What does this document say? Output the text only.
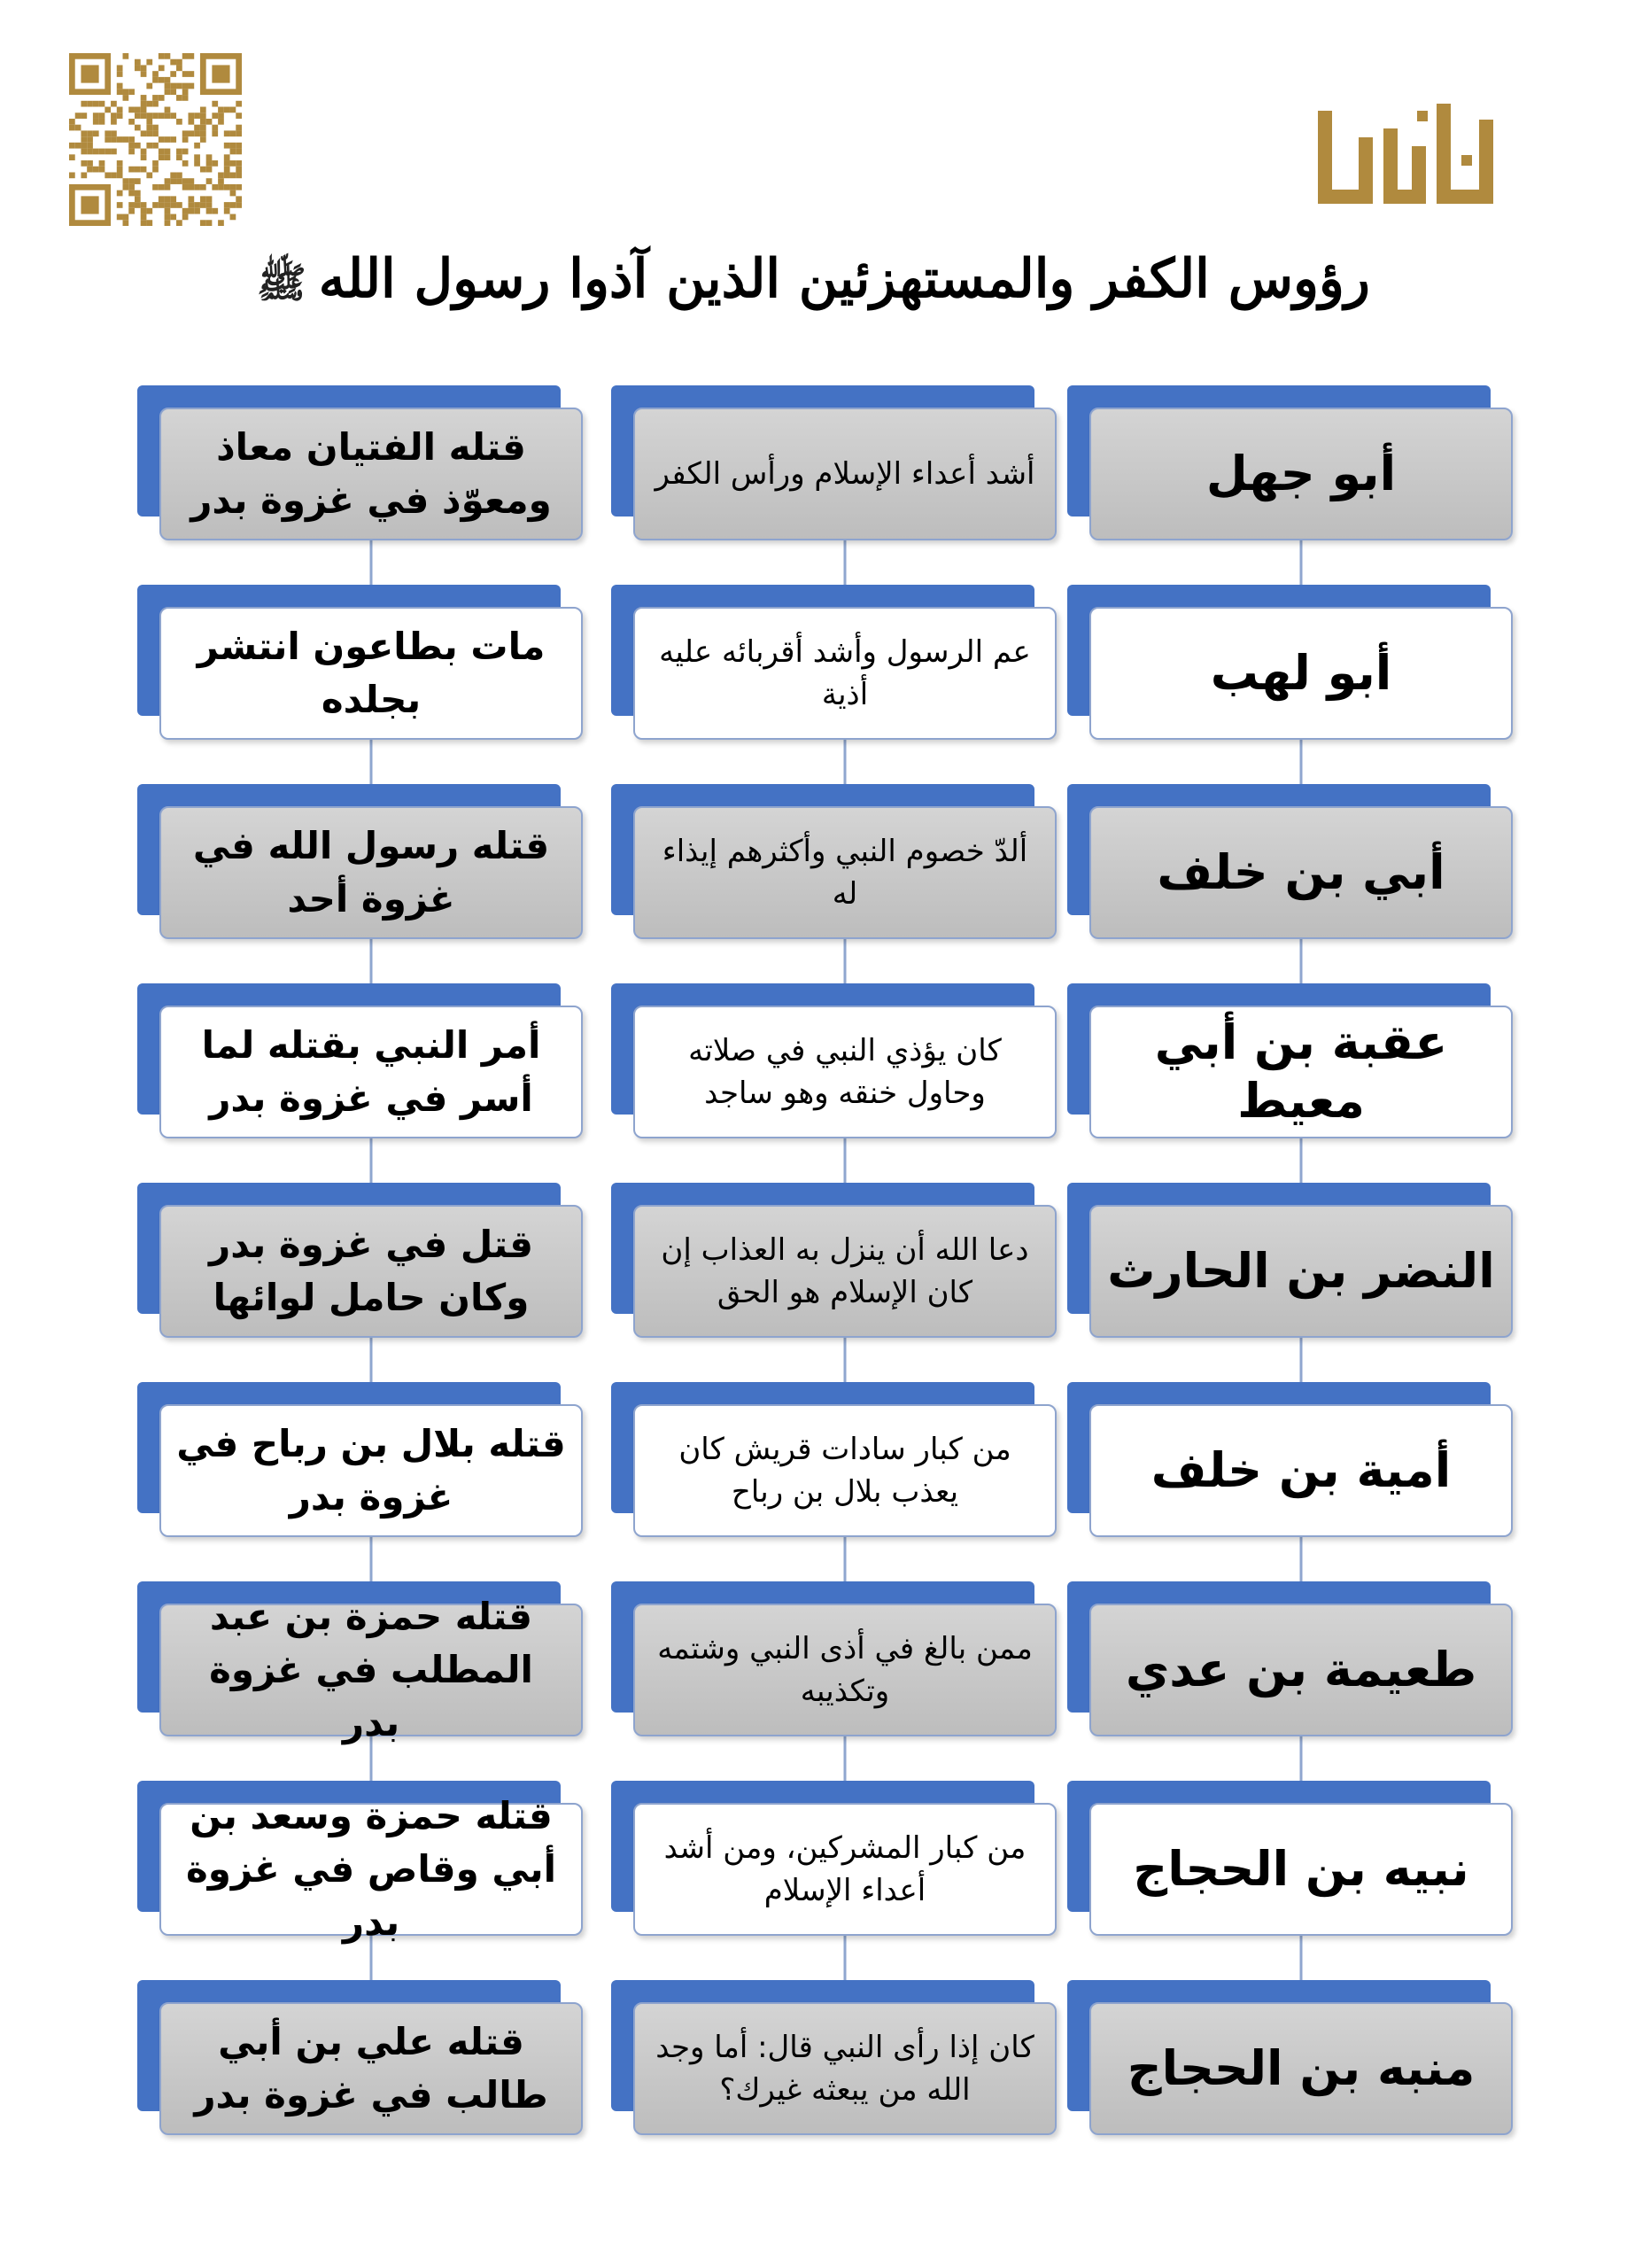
رؤوس الكفر والمستهزئين الذين آذوا رسول اللهﷺ
أبو جهل
أشد أعداء الإسلام ورأس الكفر
قتله الفتيان معاذ ومعوّذ في غزوة بدر
أبو لهب
عم الرسول وأشد أقربائه عليه أذية
مات بطاعون انتشر بجلده
أبي بن خلف
ألدّ خصوم النبي وأكثرهم إيذاء له
قتله رسول الله في غزوة أحد
عقبة بن أبي معيط
كان يؤذي النبي في صلاته وحاول خنقه وهو ساجد
أمر النبي بقتله لما أسر في غزوة بدر
النضر بن الحارث
دعا الله أن ينزل به العذاب إن كان الإسلام هو الحق
قتل في غزوة بدر وكان حامل لوائها
أمية بن خلف
من كبار سادات قريش كان يعذب بلال بن رباح
قتله بلال بن رباح في غزوة بدر
طعيمة بن عدي
ممن بالغ في أذى النبي وشتمه وتكذيبه
قتله حمزة بن عبد المطلب في غزوة بدر
نبيه بن الحجاج
من كبار المشركين، ومن أشد أعداء الإسلام
قتله حمزة وسعد بن أبي وقاص في غزوة بدر
منبه بن الحجاج
كان إذا رأى النبي قال: أما وجد الله من يبعثه غيرك؟
قتله علي بن أبي طالب في غزوة بدر
